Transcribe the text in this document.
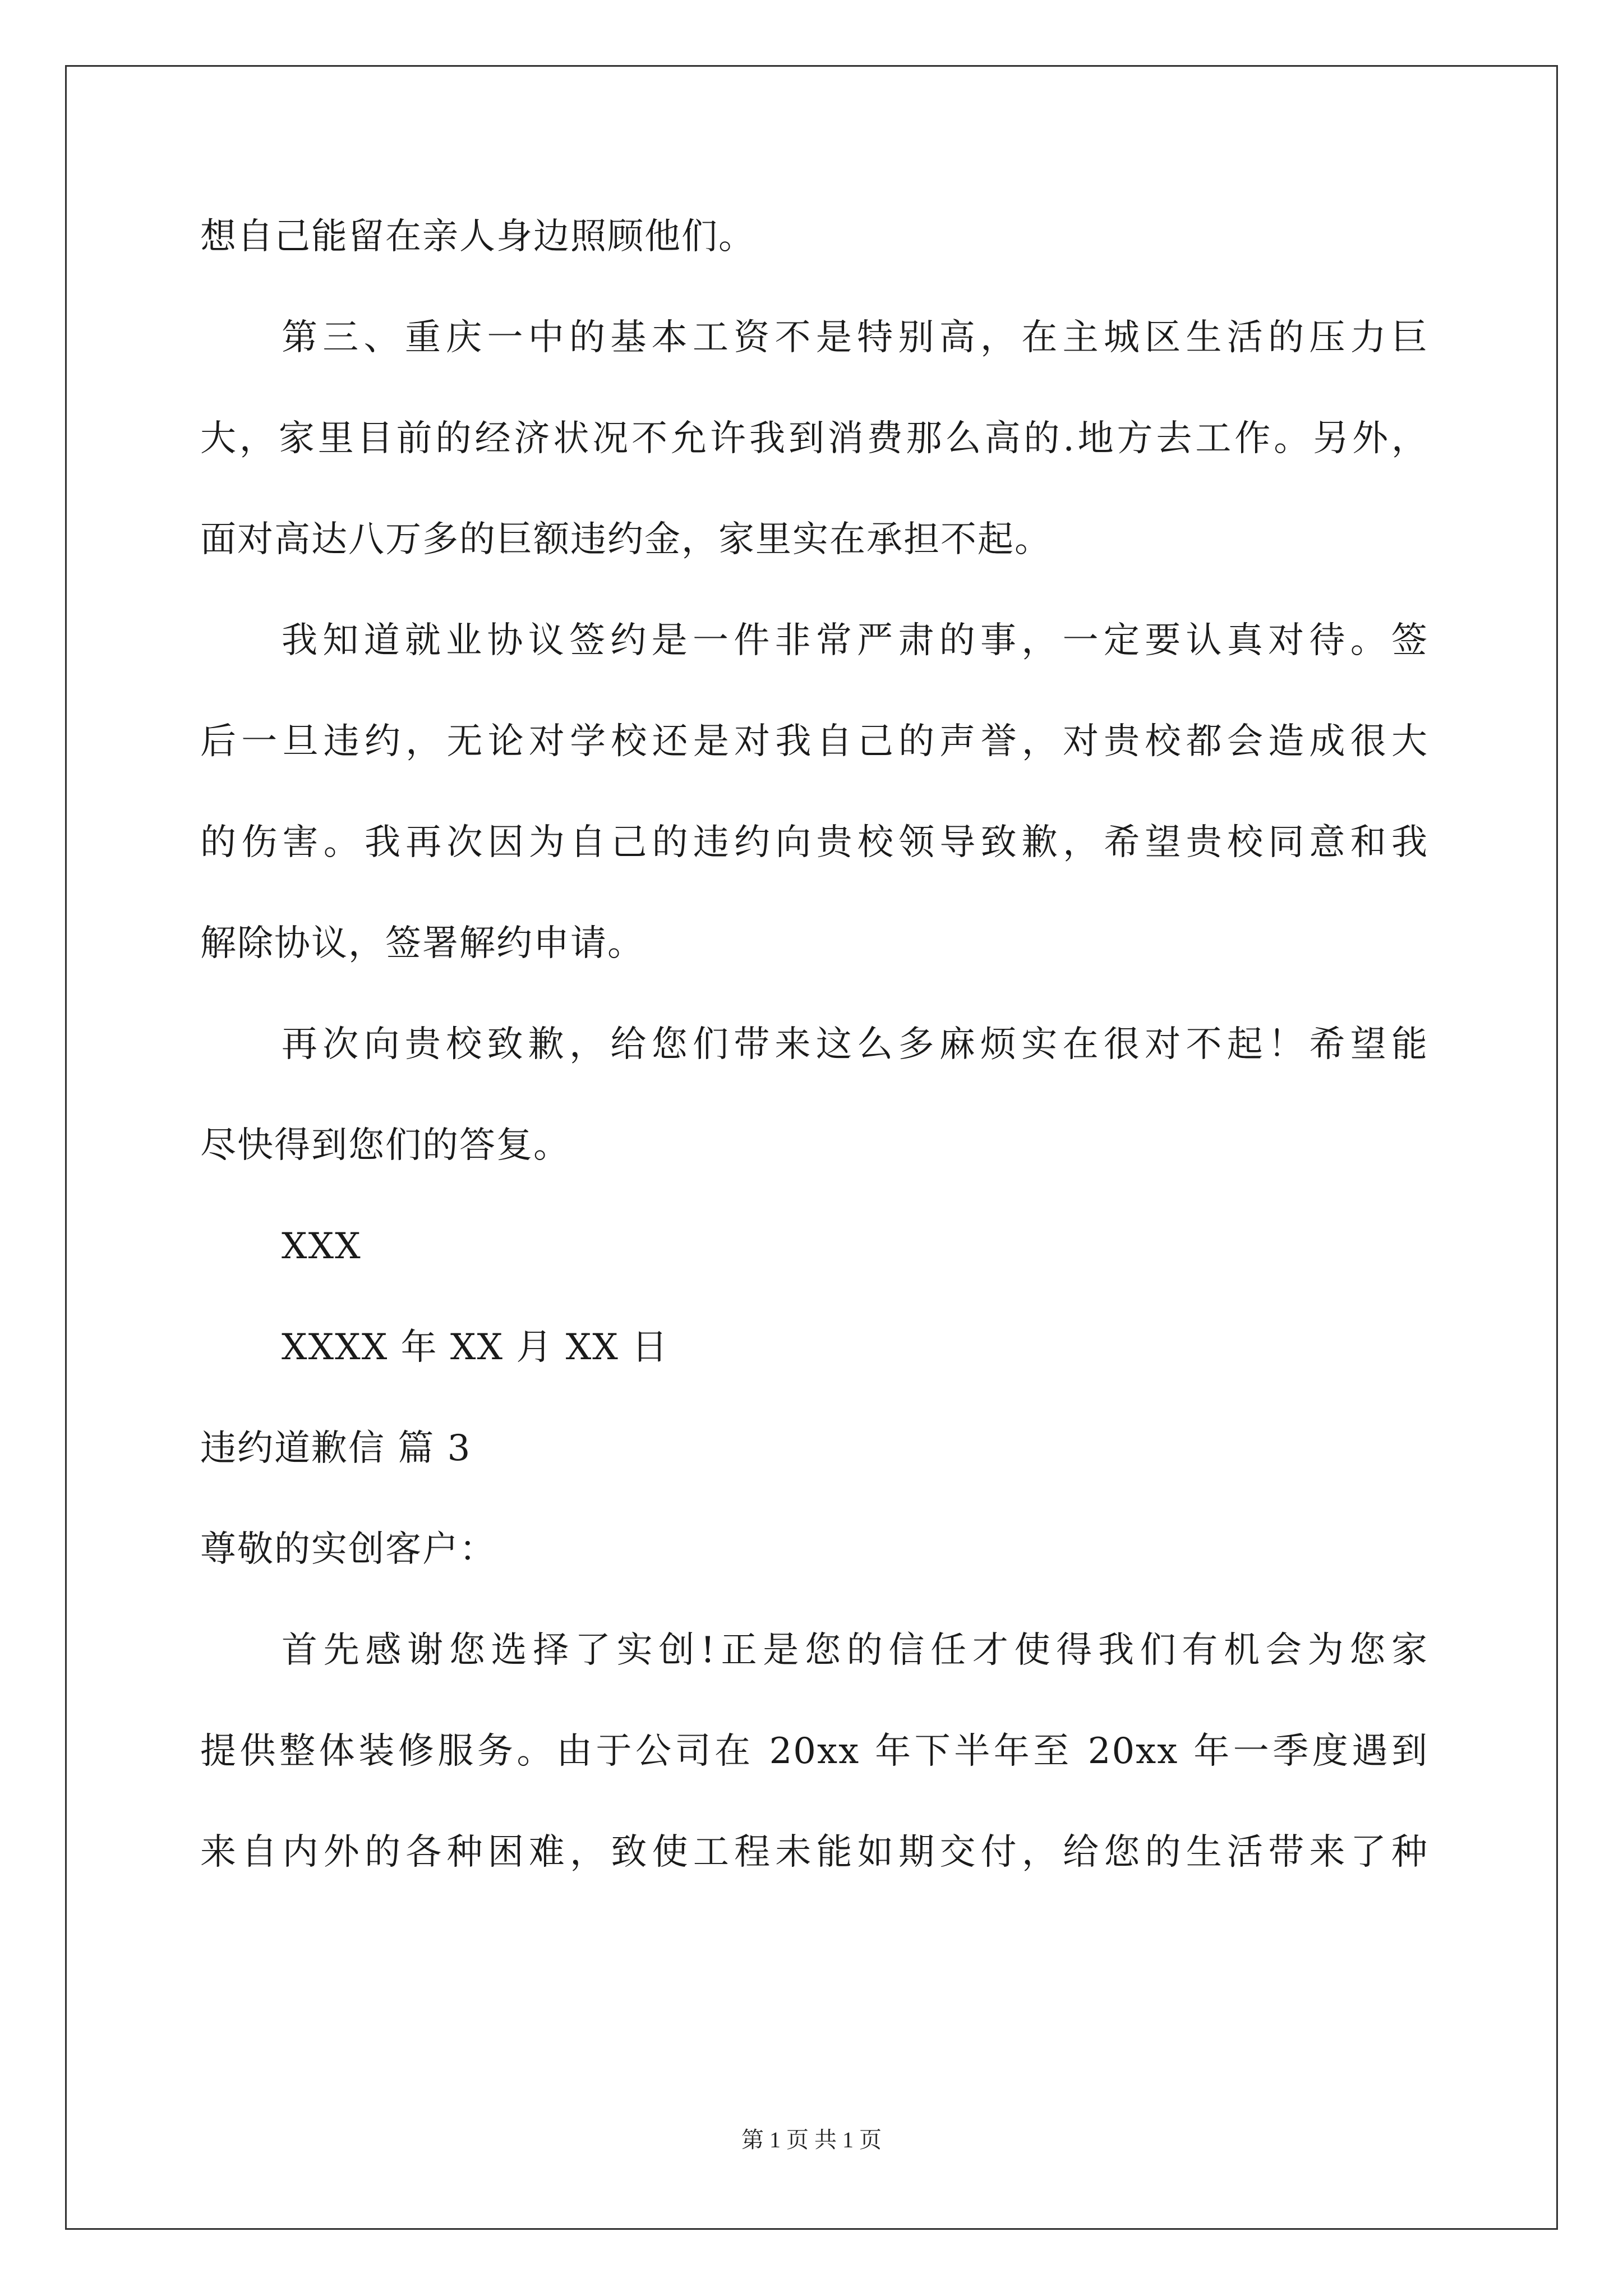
想自己能留在亲人身边照顾他们。
第三、重庆一中的基本工资不是特别高，在主城区生活的压力巨
大，家里目前的经济状况不允许我到消费那么高的.地方去工作。另外，
面对高达八万多的巨额违约金，家里实在承担不起。
我知道就业协议签约是一件非常严肃的事，一定要认真对待。签
后一旦违约，无论对学校还是对我自己的声誉，对贵校都会造成很大
的伤害。我再次因为自己的违约向贵校领导致歉，希望贵校同意和我
解除协议，签署解约申请。
再次向贵校致歉，给您们带来这么多麻烦实在很对不起！希望能
尽快得到您们的答复。
XXX
XXXX 年 XX 月 XX 日
违约道歉信 篇 3
尊敬的实创客户：
首先感谢您选择了实创!正是您的信任才使得我们有机会为您家
提供整体装修服务。由于公司在 20xx 年下半年至 20xx 年一季度遇到
来自内外的各种困难，致使工程未能如期交付，给您的生活带来了种
第 1 页 共 1 页
